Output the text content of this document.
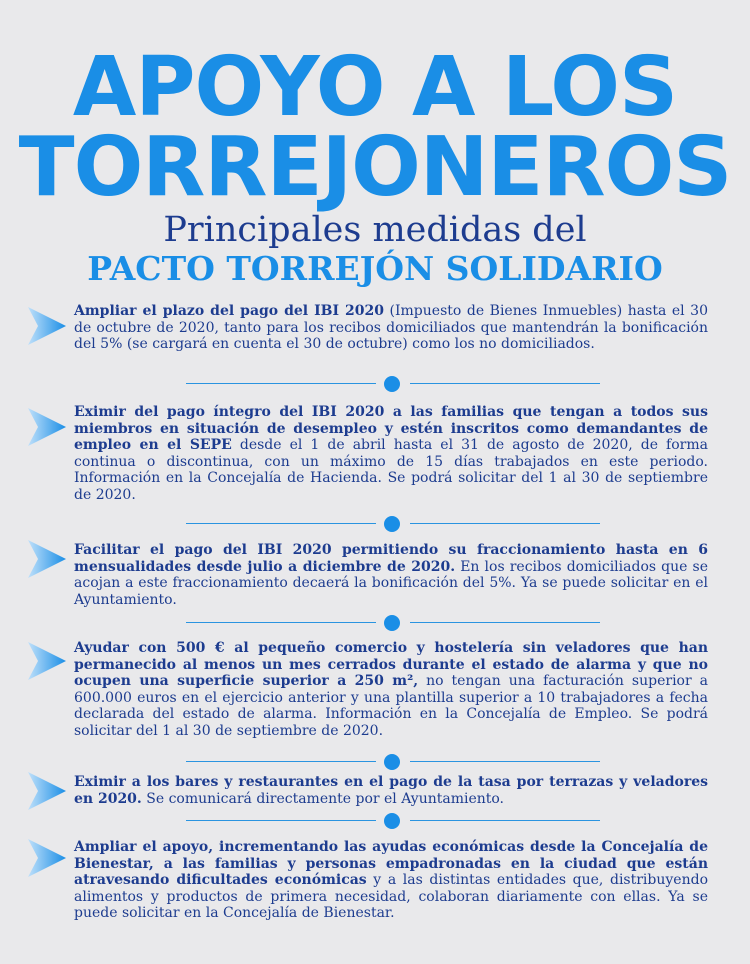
APOYO A LOS
TORREJONEROS
Principales medidas del
PACTO TORREJÓN SOLIDARIO
Ampliar el plazo del pago del IBI 2020 (Impuesto de Bienes Inmuebles) hasta el 30 de octubre de 2020, tanto para los recibos domiciliados que mantendrán la bonificación del 5% (se cargará en cuenta el 30 de octubre) como los no domiciliados.
Eximir del pago íntegro del IBI 2020 a las familias que tengan a todos sus miembros en situación de desempleo y estén inscritos como demandantes de empleo en el SEPE desde el 1 de abril hasta el 31 de agosto de 2020, de forma continua o discontinua, con un máximo de 15 días trabajados en este periodo. Información en la Concejalía de Hacienda. Se podrá solicitar del 1 al 30 de septiembre de 2020.
Facilitar el pago del IBI 2020 permitiendo su fraccionamiento hasta en 6 mensualidades desde julio a diciembre de 2020. En los recibos domiciliados que se acojan a este fraccionamiento decaerá la bonificación del 5%. Ya se puede solicitar en el Ayuntamiento.
Ayudar con 500 € al pequeño comercio y hostelería sin veladores que han permanecido al menos un mes cerrados durante el estado de alarma y que no ocupen una superficie superior a 250 m², no tengan una facturación superior a 600.000 euros en el ejercicio anterior y una plantilla superior a 10 trabajadores a fecha declarada del estado de alarma. Información en la Concejalía de Empleo. Se podrá solicitar del 1 al 30 de septiembre de 2020.
Eximir a los bares y restaurantes en el pago de la tasa por terrazas y veladores en 2020. Se comunicará directamente por el Ayuntamiento.
Ampliar el apoyo, incrementando las ayudas económicas desde la Concejalía de Bienestar, a las familias y personas empadronadas en la ciudad que están atravesando dificultades económicas y a las distintas entidades que, distribuyendo alimentos y productos de primera necesidad, colaboran diariamente con ellas. Ya se puede solicitar en la Concejalía de Bienestar.
